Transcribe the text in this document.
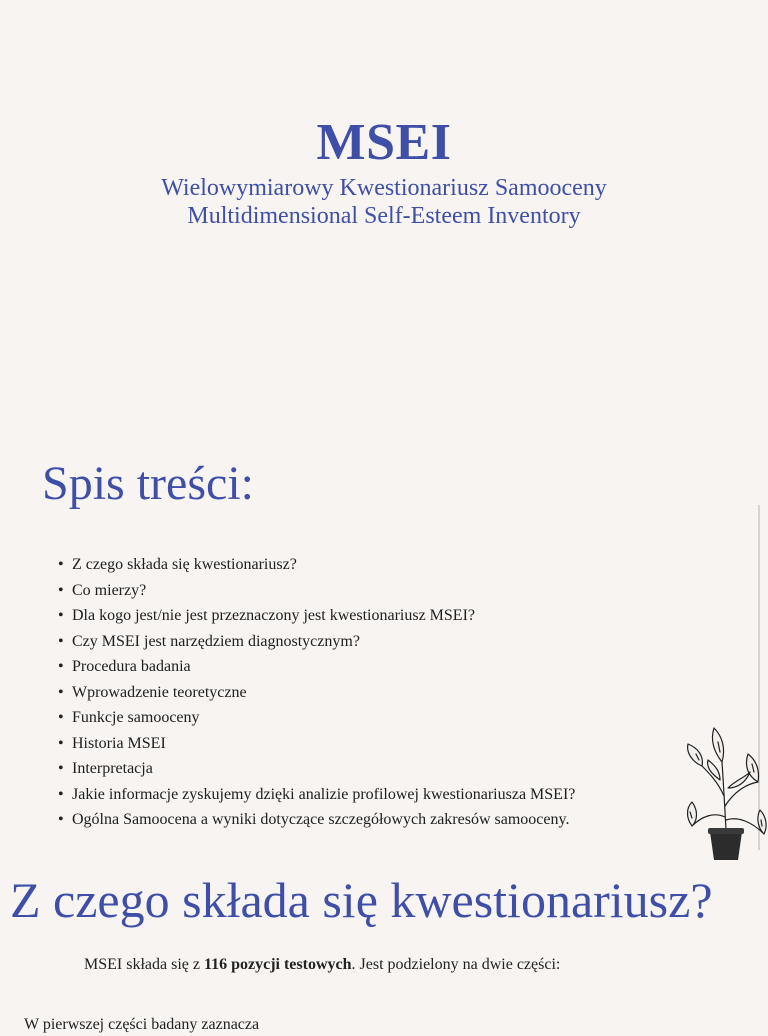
MSEI

Wielowymiarowy Kwestionariusz Samooceny

Multidimensional Self-Esteem Inventory

Spis treści:
• Z czego składa się kwestionariusz?
• Co mierzy?
• Dla kogo jest/nie jest przeznaczony jest kwestionariusz MSEI?
• Czy MSEI jest narzędziem diagnostycznym?
• Procedura badania
• Wprowadzenie teoretyczne
• Funkcje samooceny
• Historia MSEI
• Interpretacja
• Jakie informacje zyskujemy dzięki analizie profilowej kwestionariusza MSEI?
• Ogólna Samoocena a wyniki dotyczące szczegółowych zakresów samooceny.
Z czego składa się kwestionariusz?

MSEI składa się z 116 pozycji testowych. Jest podzielony na dwie części:

W pierwszej części badany zaznacza
